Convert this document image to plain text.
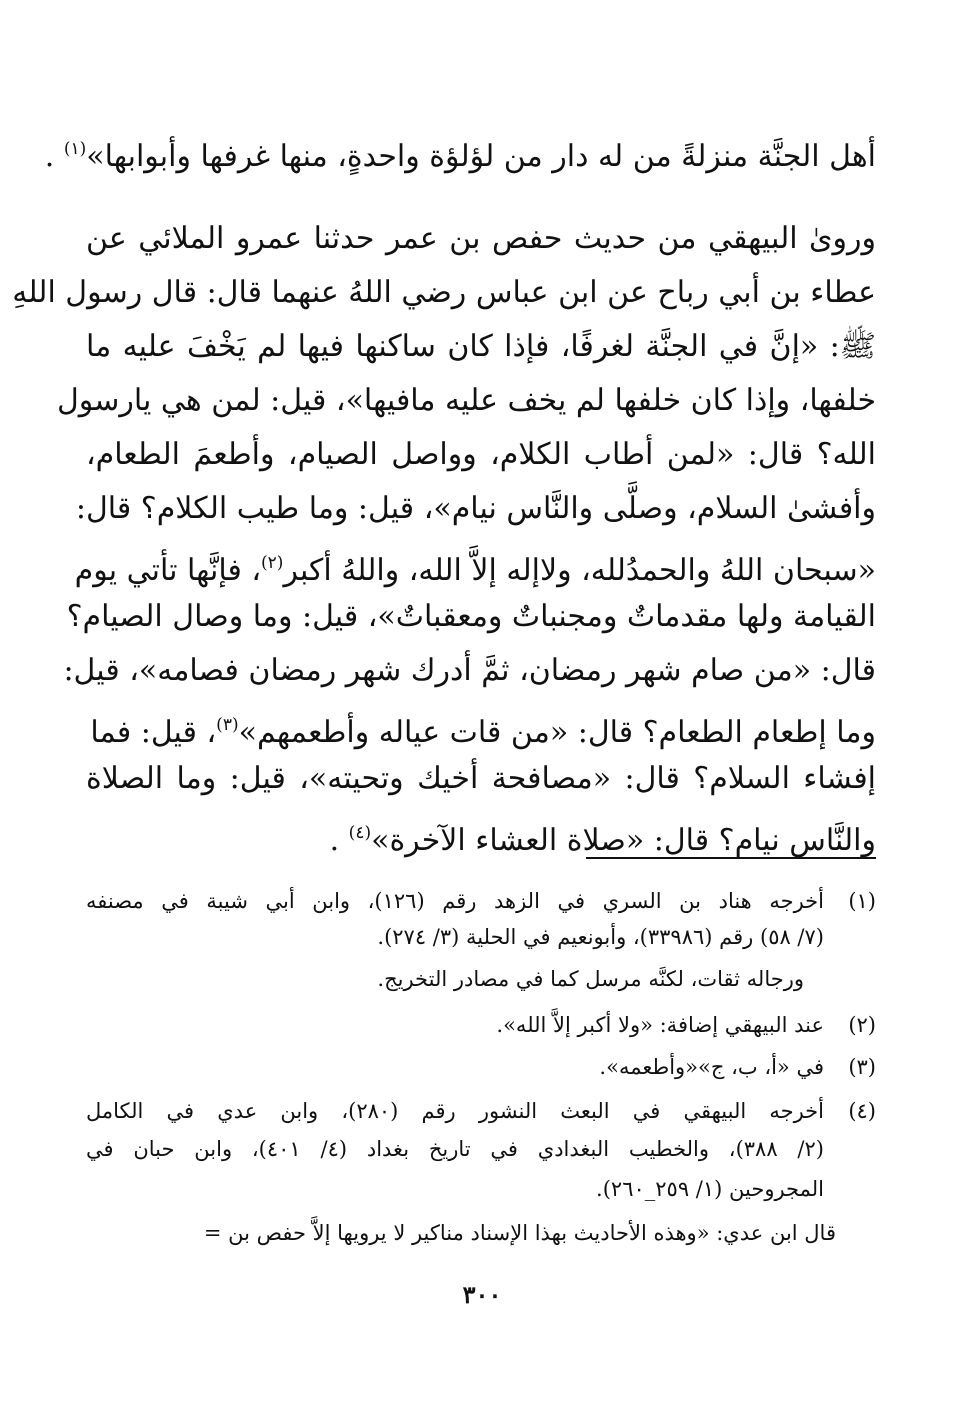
أهل الجنَّة منزلةً من له دار من لؤلؤة واحدةٍ، منها غرفها وأبوابها»$^{(١)}$ .
ورویٰ البیهقي من حدیث حفص بن عمر حدثنا عمرو الملائي عن
عطاء بن أبي رباح عن ابن عباس رضي اللهُ عنهما قال: قال رسول اللهِ
ﷺ: «إنَّ في الجنَّة لغرفًا، فإذا كان ساكنها فيها لم يَخْفَ عليه ما
خلفها، وإذا كان خلفها لم يخف عليه مافيها»، قيل: لمن هي يارسول
الله؟ قال: «لمن أطاب الكلام، وواصل الصيام، وأطعمَ الطعام،
وأفشیٰ السلام، وصلَّى والنَّاس نيام»، قيل: وما طيب الكلام؟ قال:
«سبحان اللهُ والحمدُلله، ولاإله إلاَّ الله، واللهُ أكبر$^{(٢)}$، فإنَّها تأتي يوم
القيامة ولها مقدماتٌ ومجنباتٌ ومعقباتٌ»، قيل: وما وصال الصيام؟
قال: «من صام شهر رمضان، ثمَّ أدرك شهر رمضان فصامه»، قيل:
وما إطعام الطعام؟ قال: «من قات عياله وأطعمهم»$^{(٣)}$، قيل: فما
إفشاء السلام؟ قال: «مصافحة أخيك وتحيته»، قيل: وما الصلاة
والنَّاس نيام؟ قال: «صلاة العشاء الآخرة»$^{(٤)}$ .
(١)
أخرجه هناد بن السري في الزهد رقم (١٢٦)، وابن أبي شيبة في مصنفه
(٧/ ٥٨) رقم (٣٣٩٨٦)، وأبونعيم في الحلية (٣/ ٢٧٤).
ورجاله ثقات، لكنَّه مرسل كما في مصادر التخريج.
(٢)
عند البيهقي إضافة: «ولا أكبر إلاَّ الله».
(٣)
في «أ، ب، ج»«وأطعمه».
(٤)
أخرجه البيهقي في البعث النشور رقم (٢٨٠)، وابن عدي في الكامل
(٢/ ٣٨٨)، والخطيب البغدادي في تاريخ بغداد (٤/ ٤٠١)، وابن حبان في
المجروحين (١/ ٢٥٩_٢٦٠).
قال ابن عدي: «وهذه الأحاديث بهذا الإسناد مناكير لا يرويها إلاَّ حفص بن =
٣٠٠
